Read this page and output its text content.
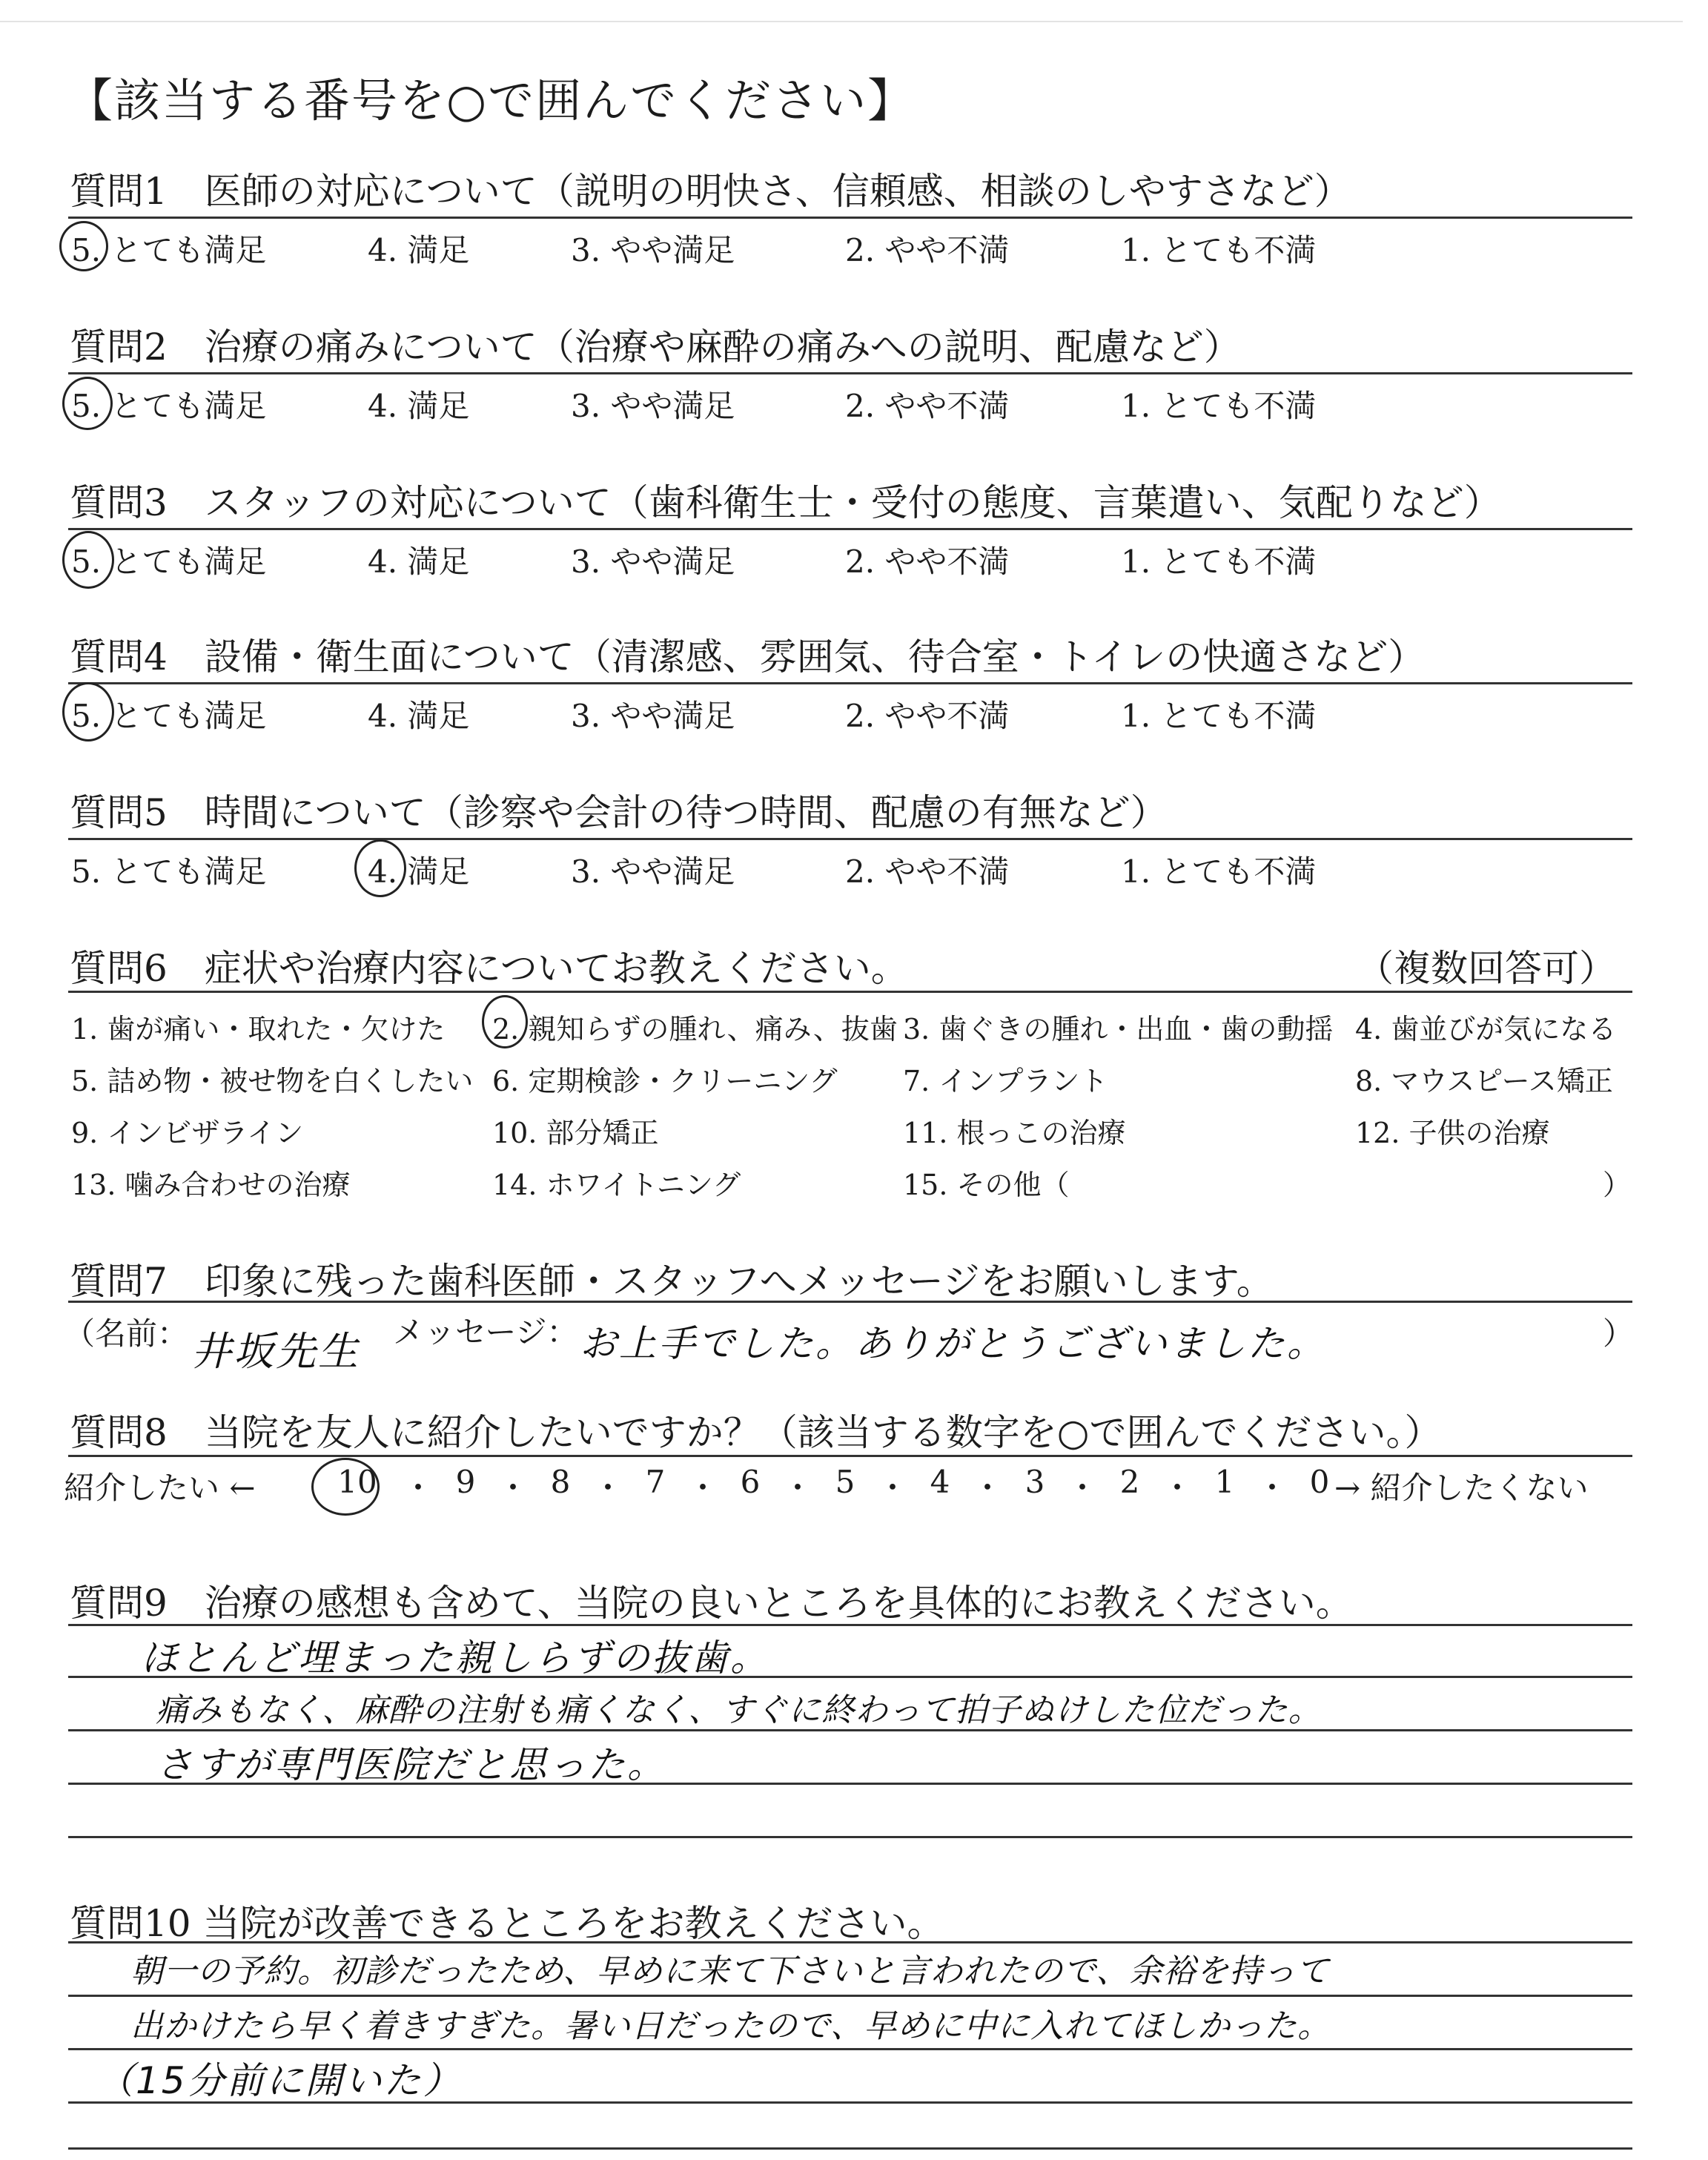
【該当する番号を○で囲んでください】
質問1　医師の対応について（説明の明快さ、信頼感、相談のしやすさなど）
5. とても満足	4. 満足	3. やや満足	2. やや不満	1. とても不満
質問2　治療の痛みについて（治療や麻酔の痛みへの説明、配慮など）
5. とても満足	4. 満足	3. やや満足	2. やや不満	1. とても不満
質問3　スタッフの対応について（歯科衛生士・受付の態度、言葉遣い、気配りなど）
5. とても満足	4. 満足	3. やや満足	2. やや不満	1. とても不満
質問4　設備・衛生面について（清潔感、雰囲気、待合室・トイレの快適さなど）
5. とても満足	4. 満足	3. やや満足	2. やや不満	1. とても不満
質問5　時間について（診察や会計の待つ時間、配慮の有無など）
5. とても満足	4. 満足	3. やや満足	2. やや不満	1. とても不満
質問6　症状や治療内容についてお教えください。	（複数回答可）
1. 歯が痛い・取れた・欠けた 2. 親知らずの腫れ、痛み、抜歯 3. 歯ぐきの腫れ・出血・歯の動揺 4. 歯並びが気になる
5. 詰め物・被せ物を白くしたい 6. 定期検診・クリーニング 7. インプラント	8. マウスピース矯正
9. インビザライン	10. 部分矯正	11. 根っこの治療	12. 子供の治療
13. 噛み合わせの治療	14. ホワイトニング	15. その他（	）
質問7　印象に残った歯科医師・スタッフへメッセージをお願いします。
（名前： 井坂先生 メッセージ： お上手でした。ありがとうございました。	）
質問8　当院を友人に紹介したいですか？（該当する数字を○で囲んでください。）
紹介したい ←	10 ・ 9 ・ 8 ・ 7 ・ 6 ・ 5 ・ 4 ・ 3 ・ 2 ・ 1 ・ 0 → 紹介したくない
質問9　治療の感想も含めて、当院の良いところを具体的にお教えください。
ほとんど埋まった親しらずの抜歯。
痛みもなく、麻酔の注射も痛くなく、すぐに終わって拍子ぬけした位だった。
さすが専門医院だと思った。
質問10 当院が改善できるところをお教えください。
朝一の予約。初診だったため、早めに来て下さいと言われたので、余裕を持って
出かけたら早く着きすぎた。暑い日だったので、早めに中に入れてほしかった。
（15分前に開いた）
